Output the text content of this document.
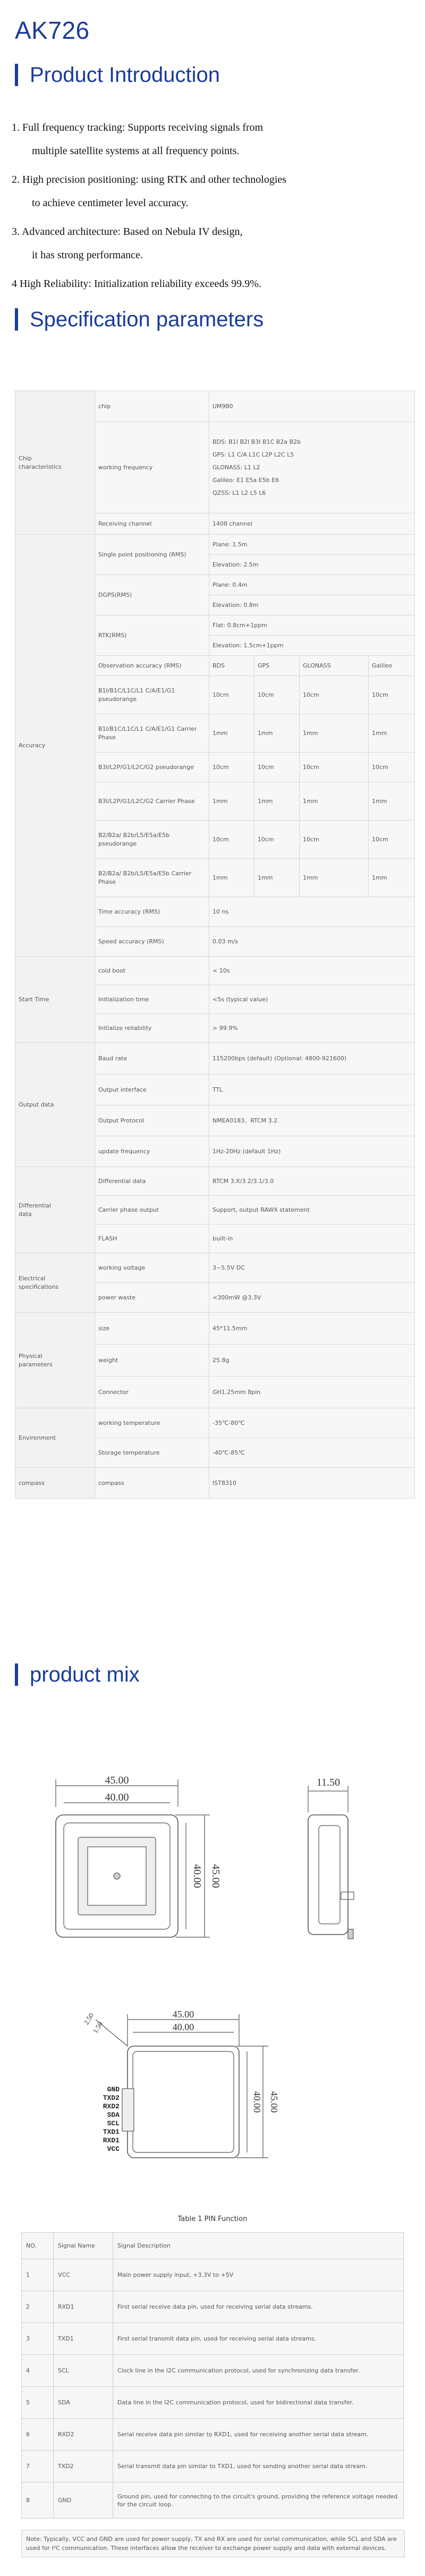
AK726
Product Introduction

1. Full frequency tracking: Supports receiving signals from
multiple satellite systems at all frequency points.

2. High precision positioning: using RTK and other technologies
to achieve centimeter level accuracy.

3. Advanced architecture: Based on Nebula IV design,
it has strong performance.

4 High Reliability: Initialization reliability exceeds 99.9%.

Specification parameters
Chip
characteristics	chip	UM980			
	working frequency	BDS: B1I B2I B3I B1C B2a B2b
GPS: L1 C/A L1C L2P L2C L5
GLONASS: L1 L2
Galileo: E1 E5a E5b E6
QZSS: L1 L2 L5 L6			

	Receiving channel	1408 channel			
Accuracy	Single point positioning (RMS)	Plane: 1.5m			
		Elevation: 2.5m			
	DGPS(RMS)	Plane: 0.4m			
		Elevation: 0.8m			
	RTK(RMS)	Flat: 0.8cm+1ppm			
		Elevation: 1.5cm+1ppm			
	Observation accuracy (RMS)	BDS	GPS	GLONASS	Galileo
	B1I/B1C/L1C/L1 C/A/E1/G1 pseudorange	10cm	10cm	10cm	10cm
	B1I/B1C/L1C/L1 C/A/E1/G1 Carrier Phase	1mm	1mm	1mm	1mm
	B3I/L2P/G1/L2C/G2 pseudorange	10cm	10cm	10cm	10cm
	B3I/L2P/G1/L2C/G2 Carrier Phase	1mm	1mm	1mm	1mm
	B2/B2a/ B2b/L5/E5a/E5b pseudorange	10cm	10cm	10cm	10cm
	B2/B2a/ B2b/L5/E5a/E5b Carrier Phase	1mm	1mm	1mm	1mm
	Time accuracy (RMS)	10 ns			
	Speed accuracy (RMS)	0.03 m/s			
Start Time	cold boot	< 10s			
	Initialization time	<5s (typical value)			
	Initialize reliability	> 99.9%			
Output data	Baud rate	115200bps (default) (Optional: 4800-921600)			
	Output interface	TTL			
	Output Protocol	NMEA0183、RTCM 3.2			
	update frequency	1Hz-20Hz (default 1Hz)			
Differential
data	Differential data	RTCM 3.X/3.2/3.1/3.0			
	Carrier phase output	Support, output RAWX statement			
	FLASH	built-in			
Electrical
specifications	working voltage	3~5.5V DC			
	power waste	<300mW @3.3V			
Physical
parameters	size	45*11.5mm			
	weight	25.8g			
	Connector	GH1.25mm 8pin			
Environment	working temperature	-35℃-80℃			
	Storage temperature	-40℃-85℃			
compass	compass	IST8310			
product mix
45.00
40.00
40.00 45.00
11.50
45.00
40.00
40.00 45.00
2.50
1.50
GND
TXD2
RXD2
SDA
SCL
TXD1
RXD1
VCC
Table 1 PIN Function
NO.	Signal Name	Signal Description
1	VCC	Main power supply input, +3.3V to +5V
2	RXD1	First serial receive data pin, used for receiving serial data streams.
3	TXD1	First serial transmit data pin, used for receiving serial data streams.
4	SCL	Clock line in the I2C communication protocol, used for synchronizing data transfer.
5	SDA	Data line in the I2C communication protocol, used for bidirectional data transfer.
6	RXD2	Serial receive data pin similar to RXD1, used for receiving another serial data stream.
7	TXD2	Serial transmit data pin similar to TXD1, used for sending another serial data stream.
8	GND	Ground pin, used for connecting to the circuit's ground, providing the reference voltage needed for the circuit loop.
Note: Typically, VCC and GND are used for power supply, TX and RX are used for serial communication, while SCL and SDA are used for I²C communication. These interfaces allow the receiver to exchange power supply and data with external devices.
